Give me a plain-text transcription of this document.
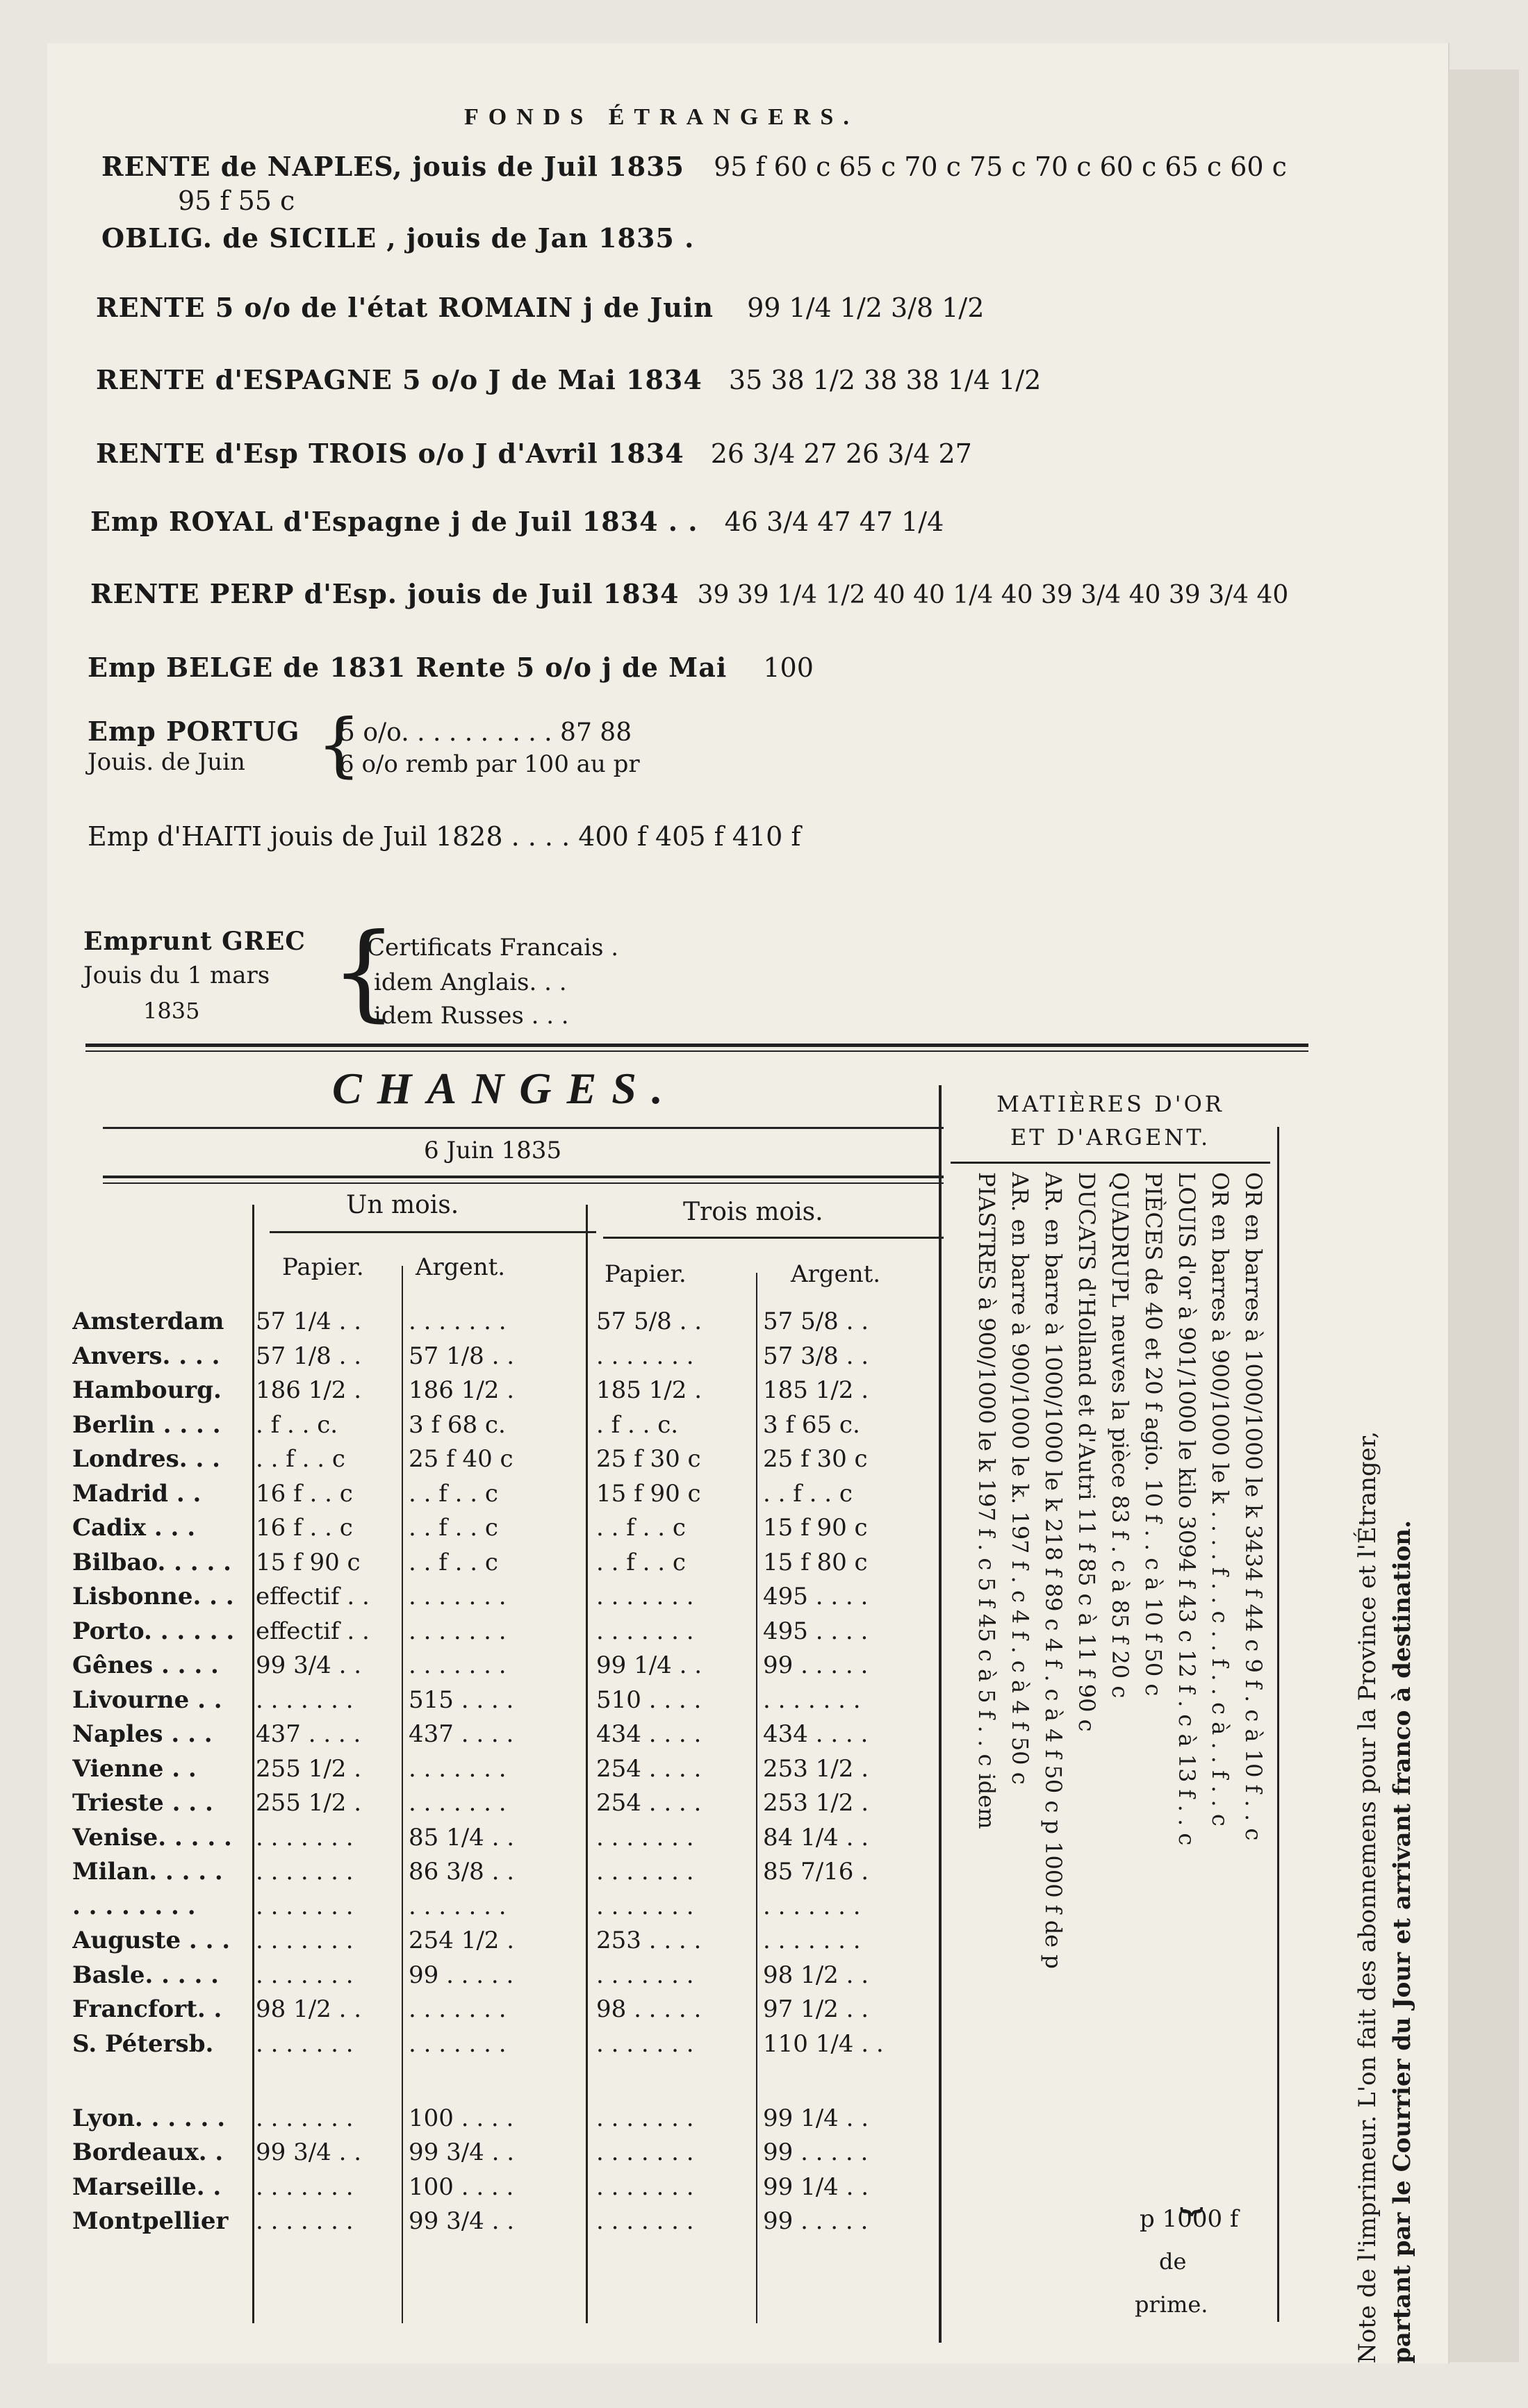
FONDS ÉTRANGERS.
RENTE de NAPLES, jouis de Juil 1835 95 f 60 c 65 c 70 c 75 c 70 c 60 c 65 c 60 c
95 f 55 c
OBLIG. de SICILE , jouis de Jan 1835 .
RENTE 5 o/o de l'état ROMAIN j de Juin 99 1/4 1/2 3/8 1/2
RENTE d'ESPAGNE 5 o/o J de Mai 1834 35 38 1/2 38 38 1/4 1/2
RENTE d'Esp TROIS o/o J d'Avril 1834 26 3/4 27 26 3/4 27
Emp ROYAL d'Espagne j de Juil 1834 . . 46 3/4 47 47 1/4
RENTE PERP d'Esp. jouis de Juil 1834 39 39 1/4 1/2 40 40 1/4 40 39 3/4 40 39 3/4 40
Emp BELGE de 1831 Rente 5 o/o j de Mai 100
Emp PORTUG
Jouis. de Juin {
5 o/o. . . . . . . . . . 87 88
6 o/o remb par 100 au pr
Emp d'HAITI jouis de Juil 1828 . . . . 400 f 405 f 410 f
Emprunt GREC
Jouis du 1 mars
1835 {
Certificats Francais .
idem Anglais. . .
idem Russes . . .
CHANGES.
6 Juin 1835
Un mois.	Trois mois.
Papier. Argent.	Papier.	Argent.
Amsterdam	57 1/4 . .	. . . . . . .	57 5/8 . .	57 5/8 . .
Anvers. . . .	57 1/8 . .	57 1/8 . .	. . . . . . .	57 3/8 . .
Hambourg.	186 1/2 .	186 1/2 .	185 1/2 .	185 1/2 .
Berlin . . . .	. f . . c.	3 f 68 c.	. f . . c.	3 f 65 c.
Londres. . .	. . f . . c	25 f 40 c	25 f 30 c	25 f 30 c
Madrid . .	16 f . . c	. . f . . c	15 f 90 c	. . f . . c
Cadix . . .	16 f . . c	. . f . . c	. . f . . c	15 f 90 c
Bilbao. . . . .	15 f 90 c	. . f . . c	. . f . . c	15 f 80 c
Lisbonne. . . effectif . .	. . . . . . .	. . . . . . .	495 . . . .
Porto. . . . . . effectif . .	. . . . . . .	. . . . . . .	495 . . . .
Gênes . . . .	99 3/4 . .	. . . . . . .	99 1/4 . .	99 . . . . .
Livourne . .	. . . . . . .	515 . . . .	510 . . . .	. . . . . . .
Naples . . .	437 . . . .	437 . . . .	434 . . . .	434 . . . .
Vienne . .	255 1/2 .	. . . . . . .	254 . . . .	253 1/2 .
Trieste . . .	255 1/2 .	. . . . . . .	254 . . . .	253 1/2 .
Venise. . . . .	. . . . . . .	85 1/4 . .	. . . . . . .	84 1/4 . .
Milan. . . . .	. . . . . . .	86 3/8 . .	. . . . . . .	85 7/16 .
. . . . . . . .	. . . . . . .	. . . . . . .	. . . . . . .	. . . . . . .
Auguste . . .	. . . . . . .	254 1/2 .	253 . . . .	. . . . . . .
Basle. . . . .	. . . . . . .	99 . . . . .	. . . . . . .	98 1/2 . .
Francfort. .	98 1/2 . .	. . . . . . .	98 . . . . .	97 1/2 . .
S. Pétersb.	. . . . . . .	. . . . . . .	. . . . . . .	110 1/4 . .
Lyon. . . . . .	. . . . . . .	100 . . . .	. . . . . . .	99 1/4 . .
Bordeaux. .	99 3/4 . .	99 3/4 . .	. . . . . . .	99 . . . . .
Marseille. .	. . . . . . .	100 . . . .	. . . . . . .	99 1/4 . .
Montpellier	. . . . . . .	99 3/4 . .	. . . . . . .	99 . . . . .
MATIÈRES D'OR
ET D'ARGENT.
OR en barres à 1000/1000 le k 3434 f 44 c 9 f . c à 10 f . . c
OR en barres à 900/1000 le k . . . . f . . c . . f . . c à . . f . . c
LOUIS d'or à 901/1000 le kilo 3094 f 43 c 12 f . c à 13 f . . c
PIÈCES de 40 et 20 f agio. 10 f . . c à 10 f 50 c
QUADRUPL neuves la pièce 83 f . c à 85 f 20 c
DUCATS d'Holland et d'Autri 11 f 85 c à 11 f 90 c
AR. en barre à 1000/1000 le k 218 f 89 c 4 f . c à 4 f 50 c p 1000 f de p
AR. en barre à 900/1000 le k. 197 f . c 4 f . c à 4 f 50 c
PIASTRES à 900/1000 le k 197 f . c 5 f 45 c à 5 f . . c idem
⏟
p 1000 f
de
prime.	Note de l'imprimeur. L'on fait des abonnemens pour la Province et l'Étranger, partant par le Courrier du Jour et arrivant franco à destination.
